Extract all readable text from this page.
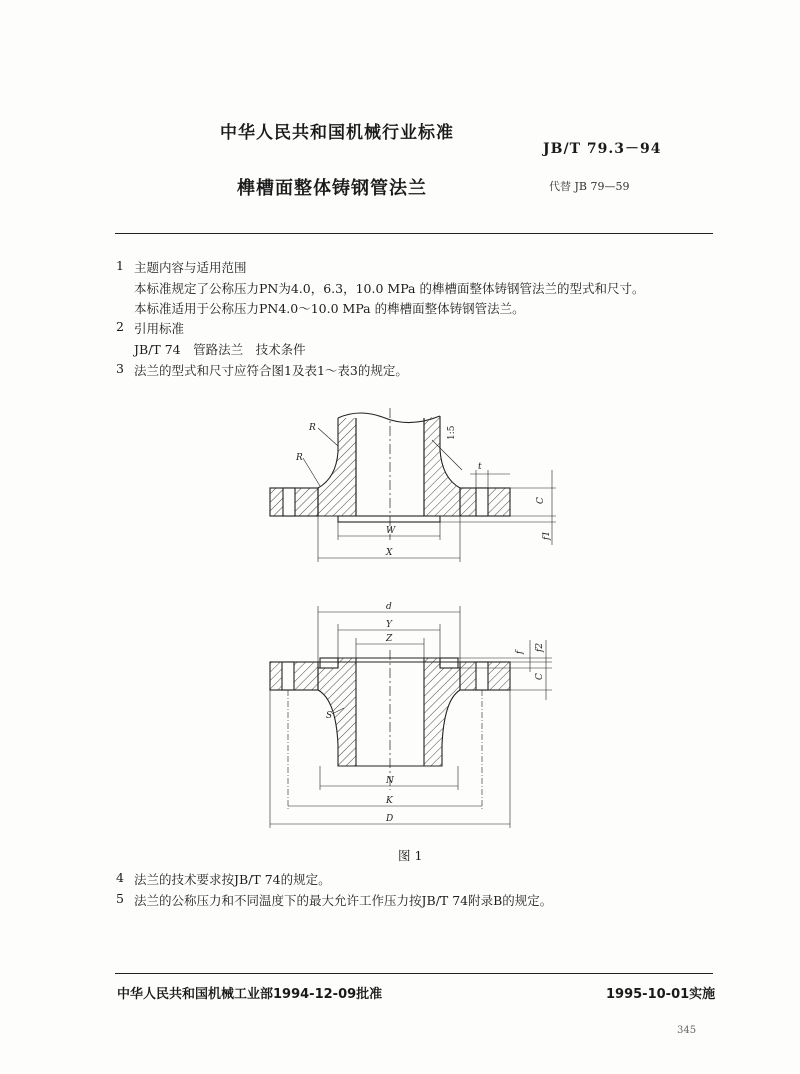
中华人民共和国机械行业标准
JB/T 79.3－94
榫槽面整体铸钢管法兰	代替 JB 79—59
1 主题内容与适用范围
本标准规定了公称压力PN为4.0，6.3，10.0 MPa 的榫槽面整体铸钢管法兰的型式和尺寸。
本标准适用于公称压力PN4.0～10.0 MPa 的榫槽面整体铸钢管法兰。
2 引用标准
JB/T 74　管路法兰　技术条件
3 法兰的型式和尺寸应符合图1及表1～表3的规定。
R
R
1:5
t
C
f1
W
X
d
Y
Z
f
f2
C
S
N
K
D
图 1
4 法兰的技术要求按JB/T 74的规定。
5 法兰的公称压力和不同温度下的最大允许工作压力按JB/T 74附录B的规定。
中华人民共和国机械工业部1994-12-09批准	1995-10-01实施
345
